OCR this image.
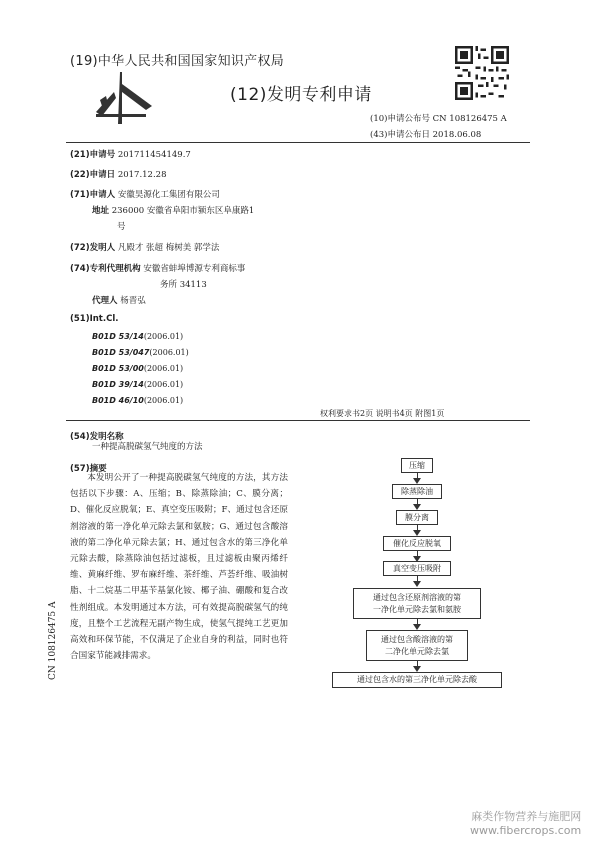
(19)中华人民共和国国家知识产权局
(12)发明专利申请
(10)申请公布号 CN 108126475 A
(43)申请公布日 2018.06.08
(21)申请号 201711454149.7
(22)申请日 2017.12.28
(71)申请人 安徽昊源化工集团有限公司
地址 236000 安徽省阜阳市颍东区阜康路1
号
(72)发明人 凡殿才 张超 梅树美 郭学法
(74)专利代理机构 安徽省蚌埠博源专利商标事
务所 34113
代理人 杨晋弘
(51)Int.Cl.
B01D 53/14(2006.01)
B01D 53/047(2006.01)
B01D 53/00(2006.01)
B01D 39/14(2006.01)
B01D 46/10(2006.01)
权利要求书2页 说明书4页 附图1页
(54)发明名称
一种提高脱碳氢气纯度的方法
(57)摘要
本发明公开了一种提高脱碳氢气纯度的方法，其方法包括以下步骤：A、压缩；B、除蒸除油；C、膜分离；D、催化反应脱氧；E、真空变压吸附；F、通过包含还原剂溶液的第一净化单元除去氯和氨胺；G、通过包含酸溶液的第二净化单元除去氯；H、通过包含水的第三净化单元除去酸，除蒸除油包括过滤板，且过滤板由聚丙烯纤维、黄麻纤维、罗布麻纤维、茶纤维、芦荟纤维、吸油树脂、十二烷基二甲基苄基氯化铵、椰子油、硼酸和复合改性剂组成。本发明通过本方法，可有效提高脱碳氢气的纯度，且整个工艺流程无副产物生成，使氢气提纯工艺更加高效和环保节能，不仅满足了企业自身的利益，同时也符合国家节能减排需求。
压缩
除蒸除油
膜分离
催化反应脱氧
真空变压吸附
通过包含还原剂溶液的第
一净化单元除去氯和氨胺
通过包含酸溶液的第
二净化单元除去氯
通过包含水的第三净化单元除去酸
CN 108126475 A
麻类作物营养与施肥网
www.fibercrops.com
